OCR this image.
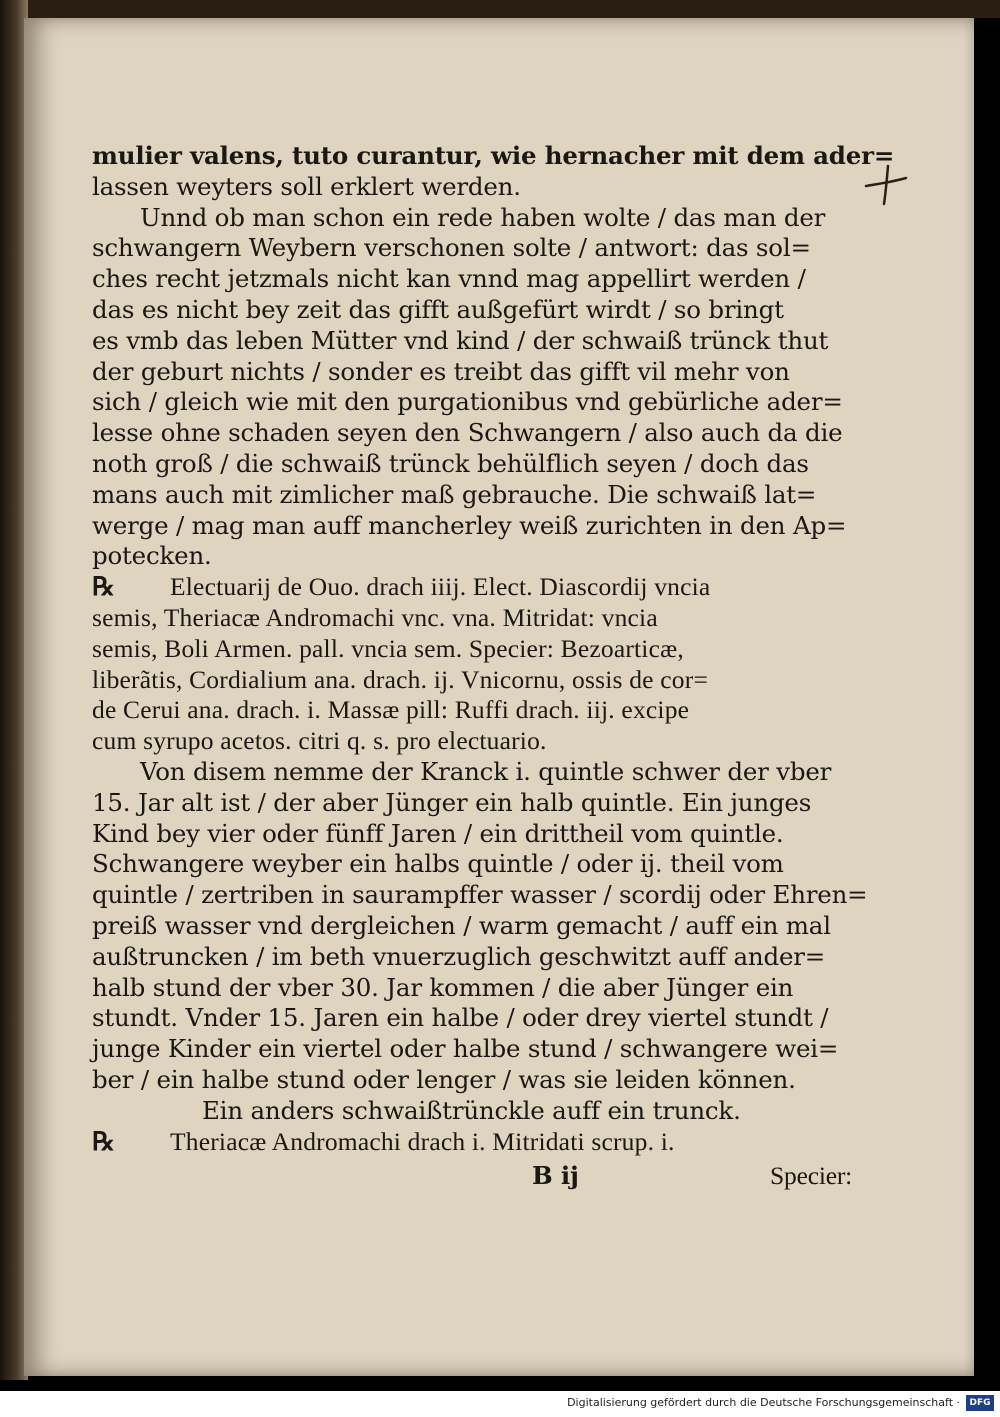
mulier valens, tuto curantur, wie hernacher mit dem ader=
lassen weyters soll erklert werden.
Unnd ob man schon ein rede haben wolte / das man der
schwangern Weybern verschonen solte / antwort: das sol=
ches recht jetzmals nicht kan vnnd mag appellirt werden /
das es nicht bey zeit das gifft außgefürt wirdt / so bringt
es vmb das leben Mütter vnd kind / der schwaiß trünck thut
der geburt nichts / sonder es treibt das gifft vil mehr von
sich / gleich wie mit den purgationibus vnd gebürliche ader=
lesse ohne schaden seyen den Schwangern / also auch da die
noth groß / die schwaiß trünck behülflich seyen / doch das
mans auch mit zimlicher maß gebrauche. Die schwaiß lat=
werge / mag man auff mancherley weiß zurichten in den Ap=
potecken.
℞ Electuarij de Ouo. drach iiij. Elect. Diascordij vncia
semis, Theriacæ Andromachi vnc. vna. Mitridat: vncia
semis, Boli Armen. pall. vncia sem. Specier: Bezoarticæ,
liberãtis, Cordialium ana. drach. ij. Vnicornu, ossis de cor=
de Cerui ana. drach. i. Massæ pill: Ruffi drach. iij. excipe
cum syrupo acetos. citri q. s. pro electuario.
Von disem nemme der Kranck i. quintle schwer der vber
15. Jar alt ist / der aber Jünger ein halb quintle. Ein junges
Kind bey vier oder fünff Jaren / ein drittheil vom quintle.
Schwangere weyber ein halbs quintle / oder ij. theil vom
quintle / zertriben in saurampffer wasser / scordij oder Ehren=
preiß wasser vnd dergleichen / warm gemacht / auff ein mal
außtruncken / im beth vnuerzuglich geschwitzt auff ander=
halb stund der vber 30. Jar kommen / die aber Jünger ein
stundt. Vnder 15. Jaren ein halbe / oder drey viertel stundt /
junge Kinder ein viertel oder halbe stund / schwangere wei=
ber / ein halbe stund oder lenger / was sie leiden können.
Ein anders schwaißtrünckle auff ein trunck.
℞ Theriacæ Andromachi drach i. Mitridati scrup. i.
B ij	Specier:
Digitalisierung gefördert durch die Deutsche Forschungsgemeinschaft ·	DFG
